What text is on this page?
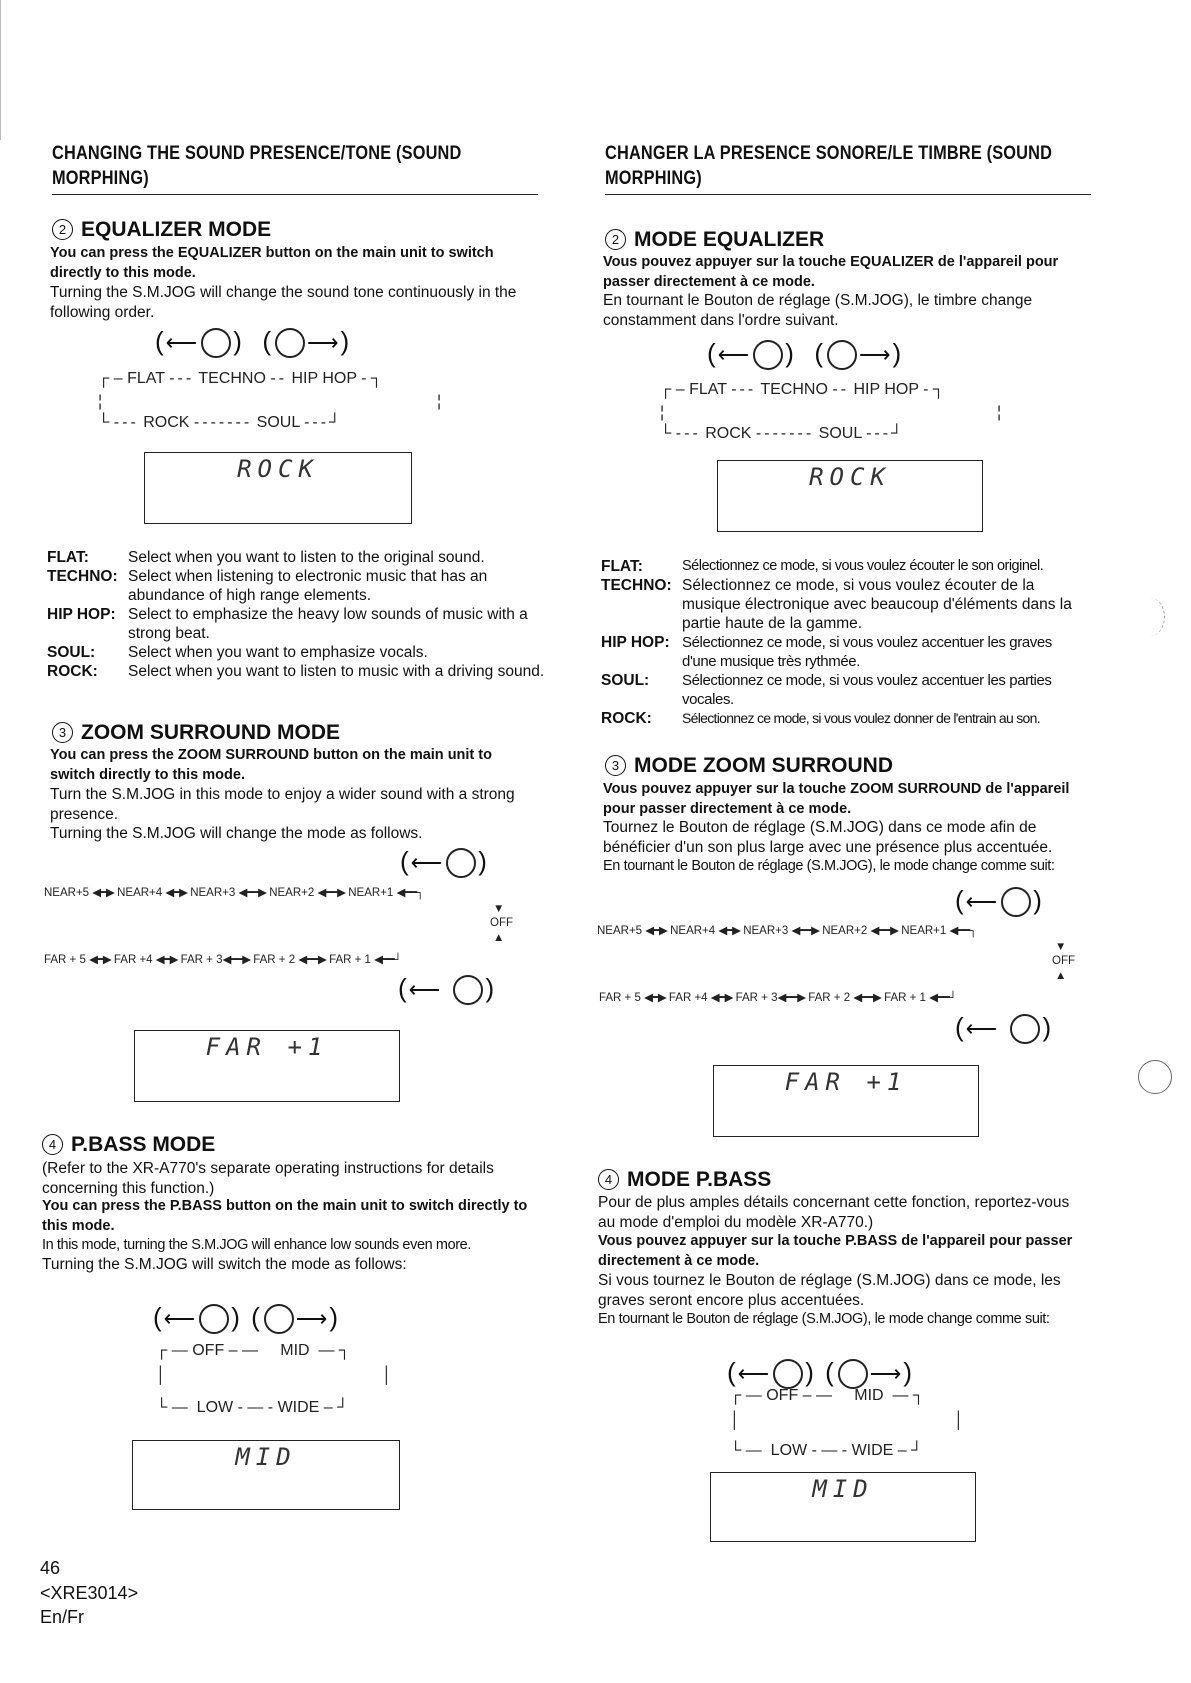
CHANGING THE SOUND PRESENCE/TONE (SOUND MORPHING)
2 EQUALIZER MODE
You can press the EQUALIZER button on the main unit to switch directly to this mode.
Turning the S.M.JOG will change the sound tone continuously in the following order.
(⟵ )  ( ⟶)
┌ – FLAT --- TECHNO -- HIP HOP - ┐
¦	¦
└ --- ROCK ------- SOUL ---┘
ROCK
FLAT:	Select when you want to listen to the original sound.
TECHNO: Select when listening to electronic music that has an abundance of high range elements.
HIP HOP: Select to emphasize the heavy low sounds of music with a strong beat.
SOUL: Select when you want to emphasize vocals.
ROCK: Select when you want to listen to music with a driving sound.
3 ZOOM SURROUND MODE
You can press the ZOOM SURROUND button on the main unit to switch directly to this mode.
Turn the S.M.JOG in this mode to enjoy a wider sound with a strong presence.
Turning the S.M.JOG will change the mode as follows.
(⟵ )
NEAR+5 ◀━▶ NEAR+4 ◀━▶ NEAR+3 ◀━━▶ NEAR+2 ◀━━▶ NEAR+1 ◀━━┐
▼
OFF
▲
FAR + 5 ◀━▶ FAR +4 ◀━▶ FAR + 3◀━━▶ FAR + 2 ◀━━▶ FAR + 1 ◀━━┘
(⟵ )
FAR +1
4 P.BASS MODE
(Refer to the XR-A770's separate operating instructions for details concerning this function.)
You can press the P.BASS button on the main unit to switch directly to this mode.
In this mode, turning the S.M.JOG will enhance low sounds even more.
Turning the S.M.JOG will switch the mode as follows:
(⟵ ) ( ⟶)
┌ — OFF – —     MID  — ┐
│	│
└ —  LOW - — - WIDE – ┘
MID
46
<XRE3014>
En/Fr
CHANGER LA PRESENCE SONORE/LE TIMBRE (SOUND MORPHING)
2 MODE EQUALIZER
Vous pouvez appuyer sur la touche EQUALIZER de l'appareil pour passer directement à ce mode.
En tournant le Bouton de réglage (S.M.JOG), le timbre change constamment dans l'ordre suivant.
(⟵ )  ( ⟶)
┌ – FLAT --- TECHNO -- HIP HOP - ┐
¦	¦
└ --- ROCK ------- SOUL ---┘
ROCK
FLAT:	Sélectionnez ce mode, si vous voulez écouter le son originel.
TECHNO: Sélectionnez ce mode, si vous voulez écouter de la musique électronique avec beaucoup d'éléments dans la partie haute de la gamme.
HIP HOP: Sélectionnez ce mode, si vous voulez accentuer les graves d'une musique très rythmée.
SOUL: Sélectionnez ce mode, si vous voulez accentuer les parties vocales.
ROCK: Sélectionnez ce mode, si vous voulez donner de l'entrain au son.
3 MODE ZOOM SURROUND
Vous pouvez appuyer sur la touche ZOOM SURROUND de l'appareil pour passer directement à ce mode.
Tournez le Bouton de réglage (S.M.JOG) dans ce mode afin de bénéficier d'un son plus large avec une présence plus accentuée.
En tournant le Bouton de réglage (S.M.JOG), le mode change comme suit:
(⟵ )
NEAR+5 ◀━▶ NEAR+4 ◀━▶ NEAR+3 ◀━━▶ NEAR+2 ◀━━▶ NEAR+1 ◀━━┐
▼
OFF
▲
FAR + 5 ◀━▶ FAR +4 ◀━▶ FAR + 3◀━━▶ FAR + 2 ◀━━▶ FAR + 1 ◀━━┘
(⟵ )
FAR +1
4 MODE P.BASS
Pour de plus amples détails concernant cette fonction, reportez-vous au mode d'emploi du modèle XR-A770.)
Vous pouvez appuyer sur la touche P.BASS de l'appareil pour passer directement à ce mode.
Si vous tournez le Bouton de réglage (S.M.JOG) dans ce mode, les graves seront encore plus accentuées.
En tournant le Bouton de réglage (S.M.JOG), le mode change comme suit:
(⟵ ) ( ⟶)
┌ — OFF – —     MID  — ┐
│	│
└ —  LOW - — - WIDE – ┘
MID
